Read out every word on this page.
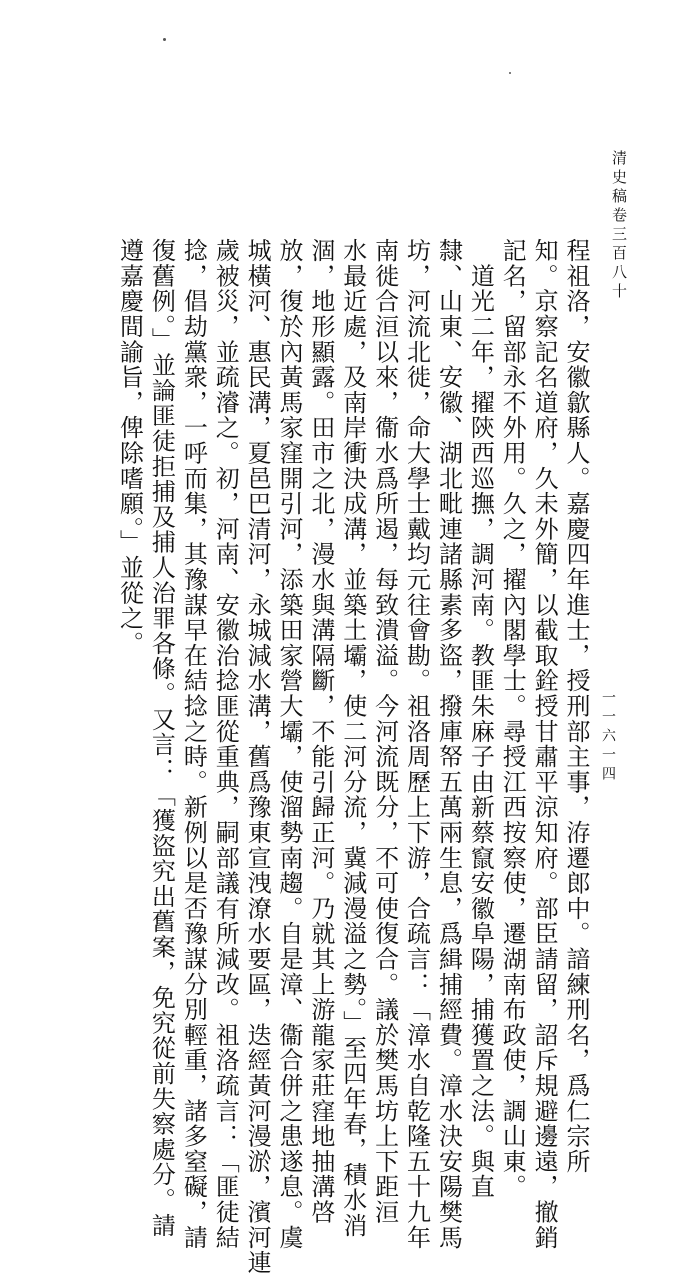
清史稿卷三百八十
一一六一四
程祖洛，安徽歙縣人。嘉慶四年進士，授刑部主事，洊遷郎中。諳練刑名，爲仁宗所
知。京察記名道府，久未外簡，以截取銓授甘肅平涼知府。部臣請留，詔斥規避邊遠，撤銷
記名，留部永不外用。久之，擢內閣學士。尋授江西按察使，遷湖南布政使，調山東。
　道光二年，擢陝西巡撫，調河南。教匪朱麻子由新蔡竄安徽阜陽，捕獲置之法。與直
隸、山東、安徽、湖北毗連諸縣素多盜，撥庫帑五萬兩生息，爲緝捕經費。漳水決安陽樊馬
坊，河流北徙，命大學士戴均元往會勘。祖洛周歷上下游，合疏言：「漳水自乾隆五十九年
南徙合洹以來，衞水爲所遏，每致潰溢。今河流既分，不可使復合。議於樊馬坊上下距洹
水最近處，及南岸衝決成溝，並築土壩，使二河分流，冀減漫溢之勢。」至四年春，積水消
涸，地形顯露。田市之北，漫水與溝隔斷，不能引歸正河。乃就其上游龍家莊窪地抽溝啓
放，復於內黃馬家窪開引河，添築田家營大壩，使溜勢南趨。自是漳、衞合併之患遂息。虞
城橫河、惠民溝，夏邑巴清河，永城減水溝，舊爲豫東宣洩潦水要區，迭經黃河漫淤，濱河連
歲被災，並疏濬之。初，河南、安徽治捻匪從重典，嗣部議有所減改。祖洛疏言：「匪徒結
捻，倡劫黨衆，一呼而集，其豫謀早在結捻之時。新例以是否豫謀分別輕重，諸多窒礙，請
復舊例。」並論匪徒拒捕及捕人治罪各條。又言：「獲盜究出舊案，免究從前失察處分。請
遵嘉慶間諭旨，俾除嗜願。」並從之。
